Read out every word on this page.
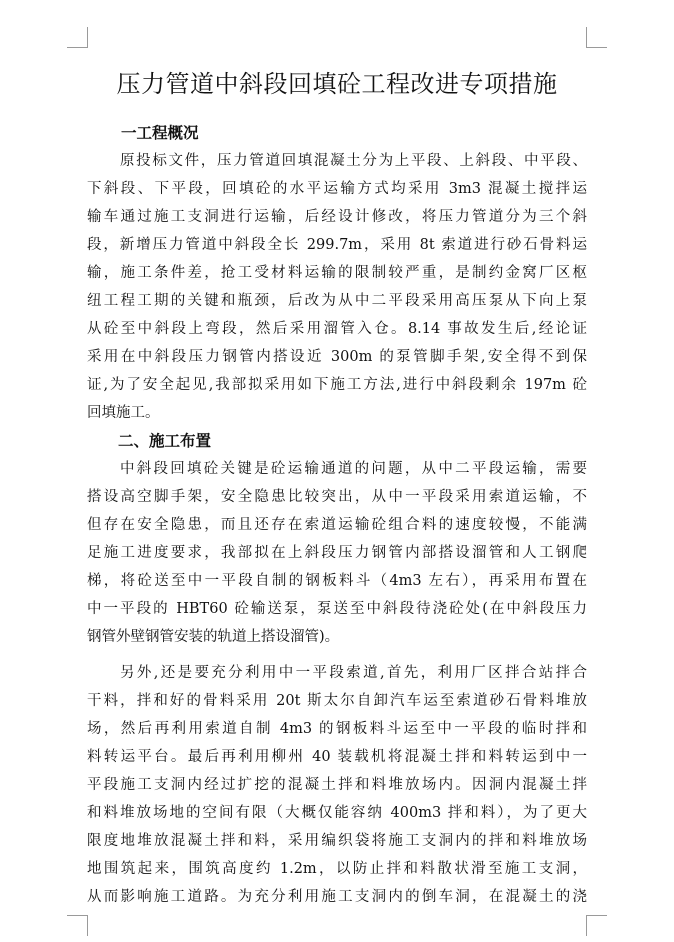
压力管道中斜段回填砼工程改进专项措施
一工程概况
原投标文件，压力管道回填混凝土分为上平段、上斜段、中平段、
下斜段、下平段，回填砼的水平运输方式均采用 3m3 混凝土搅拌运
输车通过施工支洞进行运输，后经设计修改，将压力管道分为三个斜
段，新增压力管道中斜段全长 299.7m，采用 8t 索道进行砂石骨料运
输，施工条件差，抢工受材料运输的限制较严重，是制约金窝厂区枢
纽工程工期的关键和瓶颈，后改为从中二平段采用高压泵从下向上泵
从砼至中斜段上弯段，然后采用溜管入仓。8.14 事故发生后,经论证
采用在中斜段压力钢管内搭设近 300m 的泵管脚手架,安全得不到保
证,为了安全起见,我部拟采用如下施工方法,进行中斜段剩余 197m 砼
回填施工。
二、施工布置
中斜段回填砼关键是砼运输通道的问题，从中二平段运输，需要
搭设高空脚手架，安全隐患比较突出，从中一平段采用索道运输，不
但存在安全隐患，而且还存在索道运输砼组合料的速度较慢，不能满
足施工进度要求，我部拟在上斜段压力钢管内部搭设溜管和人工钢爬
梯，将砼送至中一平段自制的钢板料斗（4m3 左右），再采用布置在
中一平段的 HBT60 砼输送泵，泵送至中斜段待浇砼处(在中斜段压力
钢管外壁钢管安装的轨道上搭设溜管)。
另外,还是要充分利用中一平段索道,首先，利用厂区拌合站拌合
干料，拌和好的骨料采用 20t 斯太尔自卸汽车运至索道砂石骨料堆放
场，然后再利用索道自制 4m3 的钢板料斗运至中一平段的临时拌和
料转运平台。最后再利用柳州 40 装载机将混凝土拌和料转运到中一
平段施工支洞内经过扩挖的混凝土拌和料堆放场内。因洞内混凝土拌
和料堆放场地的空间有限（大概仅能容纳 400m3 拌和料），为了更大
限度地堆放混凝土拌和料，采用编织袋将施工支洞内的拌和料堆放场
地围筑起来，围筑高度约 1.2m，以防止拌和料散状滑至施工支洞，
从而影响施工道路。为充分利用施工支洞内的倒车洞，在混凝土的浇
